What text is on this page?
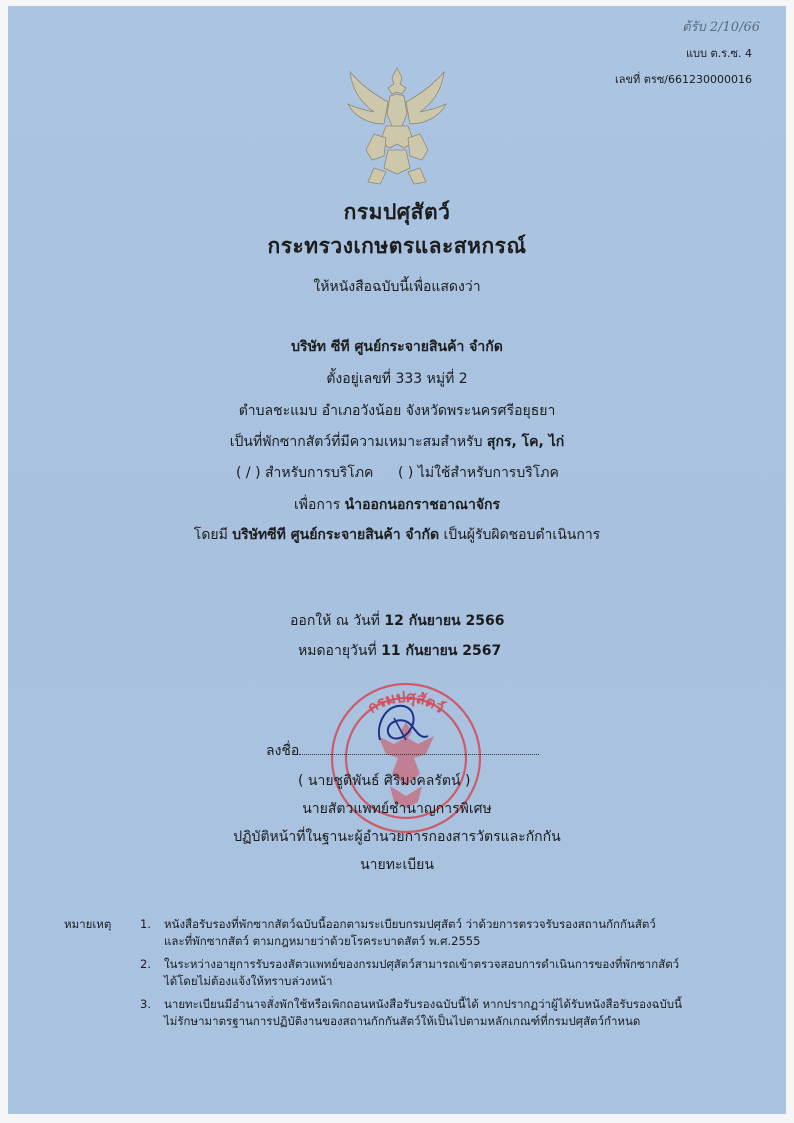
ต้รับ 2/10/66
แบบ ต.ร.ซ. 4
เลขที่ ตรซ/661230000016
กรมปศุสัตว์
กระทรวงเกษตรและสหกรณ์
ให้หนังสือฉบับนี้เพื่อแสดงว่า
บริษัท ซีที ศูนย์กระจายสินค้า จำกัด
ตั้งอยู่เลขที่ 333 หมู่ที่ 2
ตำบลชะแมบ อำเภอวังน้อย จังหวัดพระนครศรีอยุธยา
เป็นที่พักซากสัตว์ที่มีความเหมาะสมสำหรับ สุกร, โค, ไก่
( / ) สำหรับการบริโภค ( ) ไม่ใช้สำหรับการบริโภค
เพื่อการ นำออกนอกราชอาณาจักร
โดยมี บริษัทซีที ศูนย์กระจายสินค้า จำกัด เป็นผู้รับผิดชอบดำเนินการ
ออกให้ ณ วันที่ 12 กันยายน 2566
หมดอายุวันที่ 11 กันยายน 2567
กรมปศุสัตว์
ลงชื่อ
( นายชูติพันธ์ ศิริมงคลรัตน์ )
นายสัตวแพทย์ชำนาญการพิเศษ
ปฏิบัติหน้าที่ในฐานะผู้อำนวยการกองสารวัตรและกักกัน
นายทะเบียน
หมายเหตุ 1. หนังสือรับรองที่พักซากสัตว์ฉบับนี้ออกตามระเบียบกรมปศุสัตว์ ว่าด้วยการตรวจรับรองสถานกักกันสัตว์
และที่พักซากสัตว์ ตามกฎหมายว่าด้วยโรคระบาดสัตว์ พ.ศ.2555
2. ในระหว่างอายุการรับรองสัตวแพทย์ของกรมปศุสัตว์สามารถเข้าตรวจสอบการดำเนินการของที่พักซากสัตว์
ได้โดยไม่ต้องแจ้งให้ทราบล่วงหน้า
3. นายทะเบียนมีอำนาจสั่งพักใช้หรือเพิกถอนหนังสือรับรองฉบับนี้ได้ หากปรากฏว่าผู้ได้รับหนังสือรับรองฉบับนี้
ไม่รักษามาตรฐานการปฏิบัติงานของสถานกักกันสัตว์ให้เป็นไปตามหลักเกณฑ์ที่กรมปศุสัตว์กำหนด
